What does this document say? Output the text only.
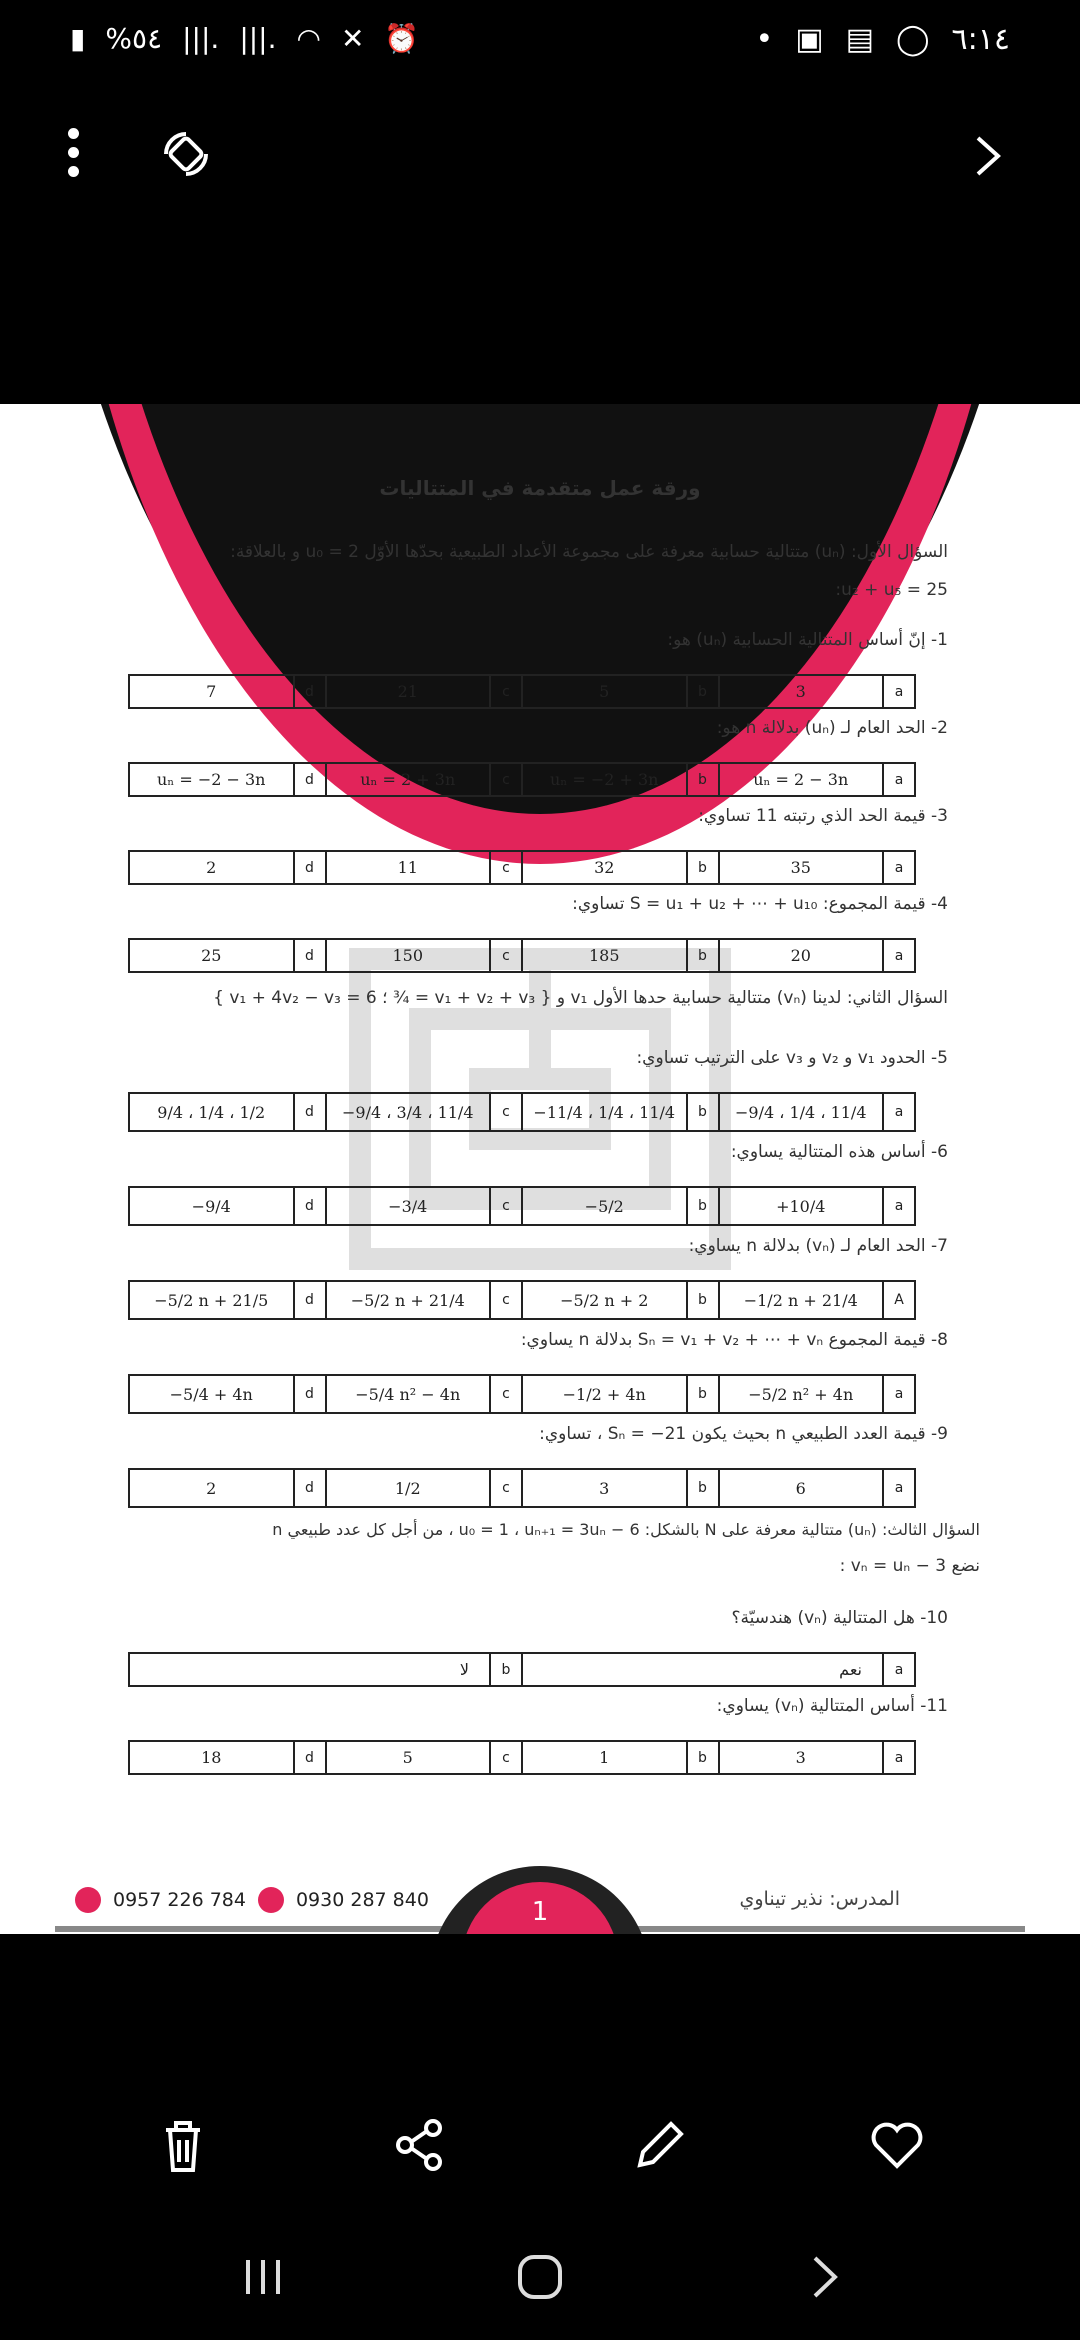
▮ %٥٤ |||. |||. ◠ ✕ ⏰	• ▣ ▤ ◯ ٦:١٤
ورقة عمل متقدمة في المتتاليات
السؤال الأول: (uₙ) متتالية حسابية معرفة على مجموعة الأعداد الطبيعية بحدّها الأوّل u₀ = 2 و بالعلاقة:
u₂ + u₅ = 25:
1- إنّ أساس المتتالية الحسابية (uₙ) هو:
7	d	21	c	5	b	3	a
2- الحد العام لـ (uₙ) بدلالة n هو:
uₙ = −2 − 3n	d	uₙ = 2 + 3n	c	uₙ = −2 + 3n	b	uₙ = 2 − 3n	a
3- قيمة الحد الذي رتبته 11 تساوي:
2	d	11	c	32	b	35	a
4- قيمة المجموع: S = u₁ + u₂ + ⋯ + u₁₀ تساوي:
25	d	150	c	185	b	20	a
السؤال الثاني: لدينا (vₙ) متتالية حسابية حدها الأول v₁ و { v₁ + v₂ + v₃ = ¾ ؛ v₁ + 4v₂ − v₃ = 6 }
5- الحدود v₁ و v₂ و v₃ على الترتيب تساوي:
9/4 ، 1/4 ، 1/2	d	−9/4 ، 3/4 ، 11/4	c	−11/4 ، 1/4 ، 11/4	b	−9/4 ، 1/4 ، 11/4	a
6- أساس هذه المتتالية يساوي:
−9/4	d	−3/4	c	−5/2	b	+10/4	a
7- الحد العام لـ (vₙ) بدلالة n يساوي:
−5/2 n + 21/5	d	−5/2 n + 21/4	c	−5/2 n + 2	b	−1/2 n + 21/4	A
8- قيمة المجموع Sₙ = v₁ + v₂ + ⋯ + vₙ بدلالة n يساوي:
−5/4 + 4n	d	−5/4 n² − 4n	c	−1/2 + 4n	b	−5/2 n² + 4n	a
9- قيمة العدد الطبيعي n بحيث يكون Sₙ = −21 ، تساوي:
2	d	1/2	c	3	b	6	a
السؤال الثالث: (uₙ) متتالية معرفة على N بالشكل: u₀ = 1 ، uₙ₊₁ = 3uₙ − 6 ، من أجل كل عدد طبيعي n
نضع vₙ = uₙ − 3 :
10- هل المتتالية (vₙ) هندسيّة؟
لا	b	نعم	a
11- أساس المتتالية (vₙ) يساوي:
18	d	5	c	1	b	3	a
1	المدرس: نذير تيناوي
0957 226 784	0930 287 840
